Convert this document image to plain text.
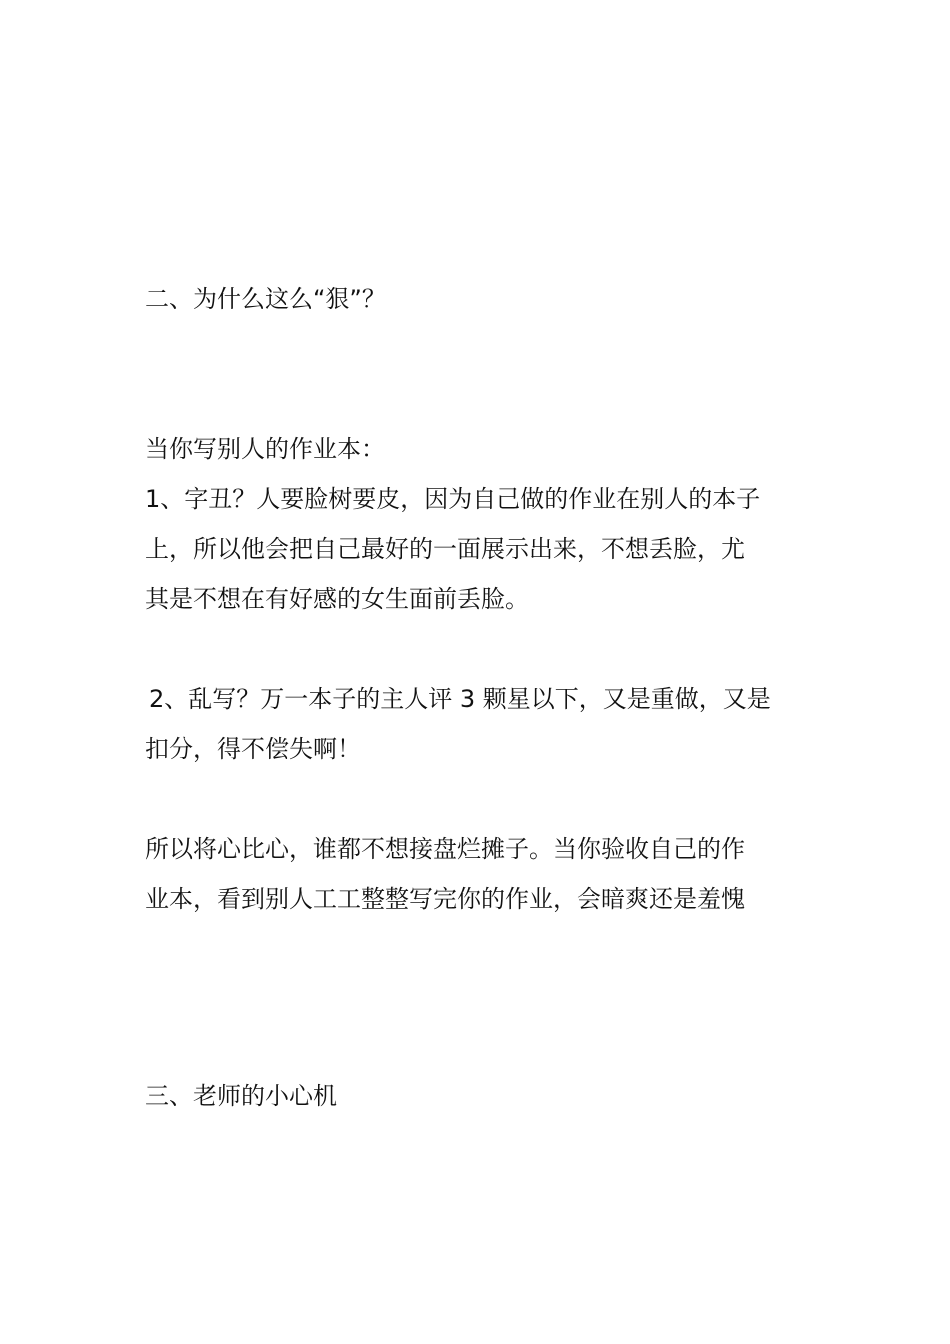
二、为什么这么“狠”？
当你写别人的作业本：
1、字丑？人要脸树要皮，因为自己做的作业在别人的本子
上，所以他会把自己最好的一面展示出来，不想丢脸，尤
其是不想在有好感的女生面前丢脸。
2、乱写？万一本子的主人评 3 颗星以下，又是重做，又是
扣分，得不偿失啊！
所以将心比心，谁都不想接盘烂摊子。当你验收自己的作
业本，看到别人工工整整写完你的作业，会暗爽还是羞愧
三、老师的小心机
